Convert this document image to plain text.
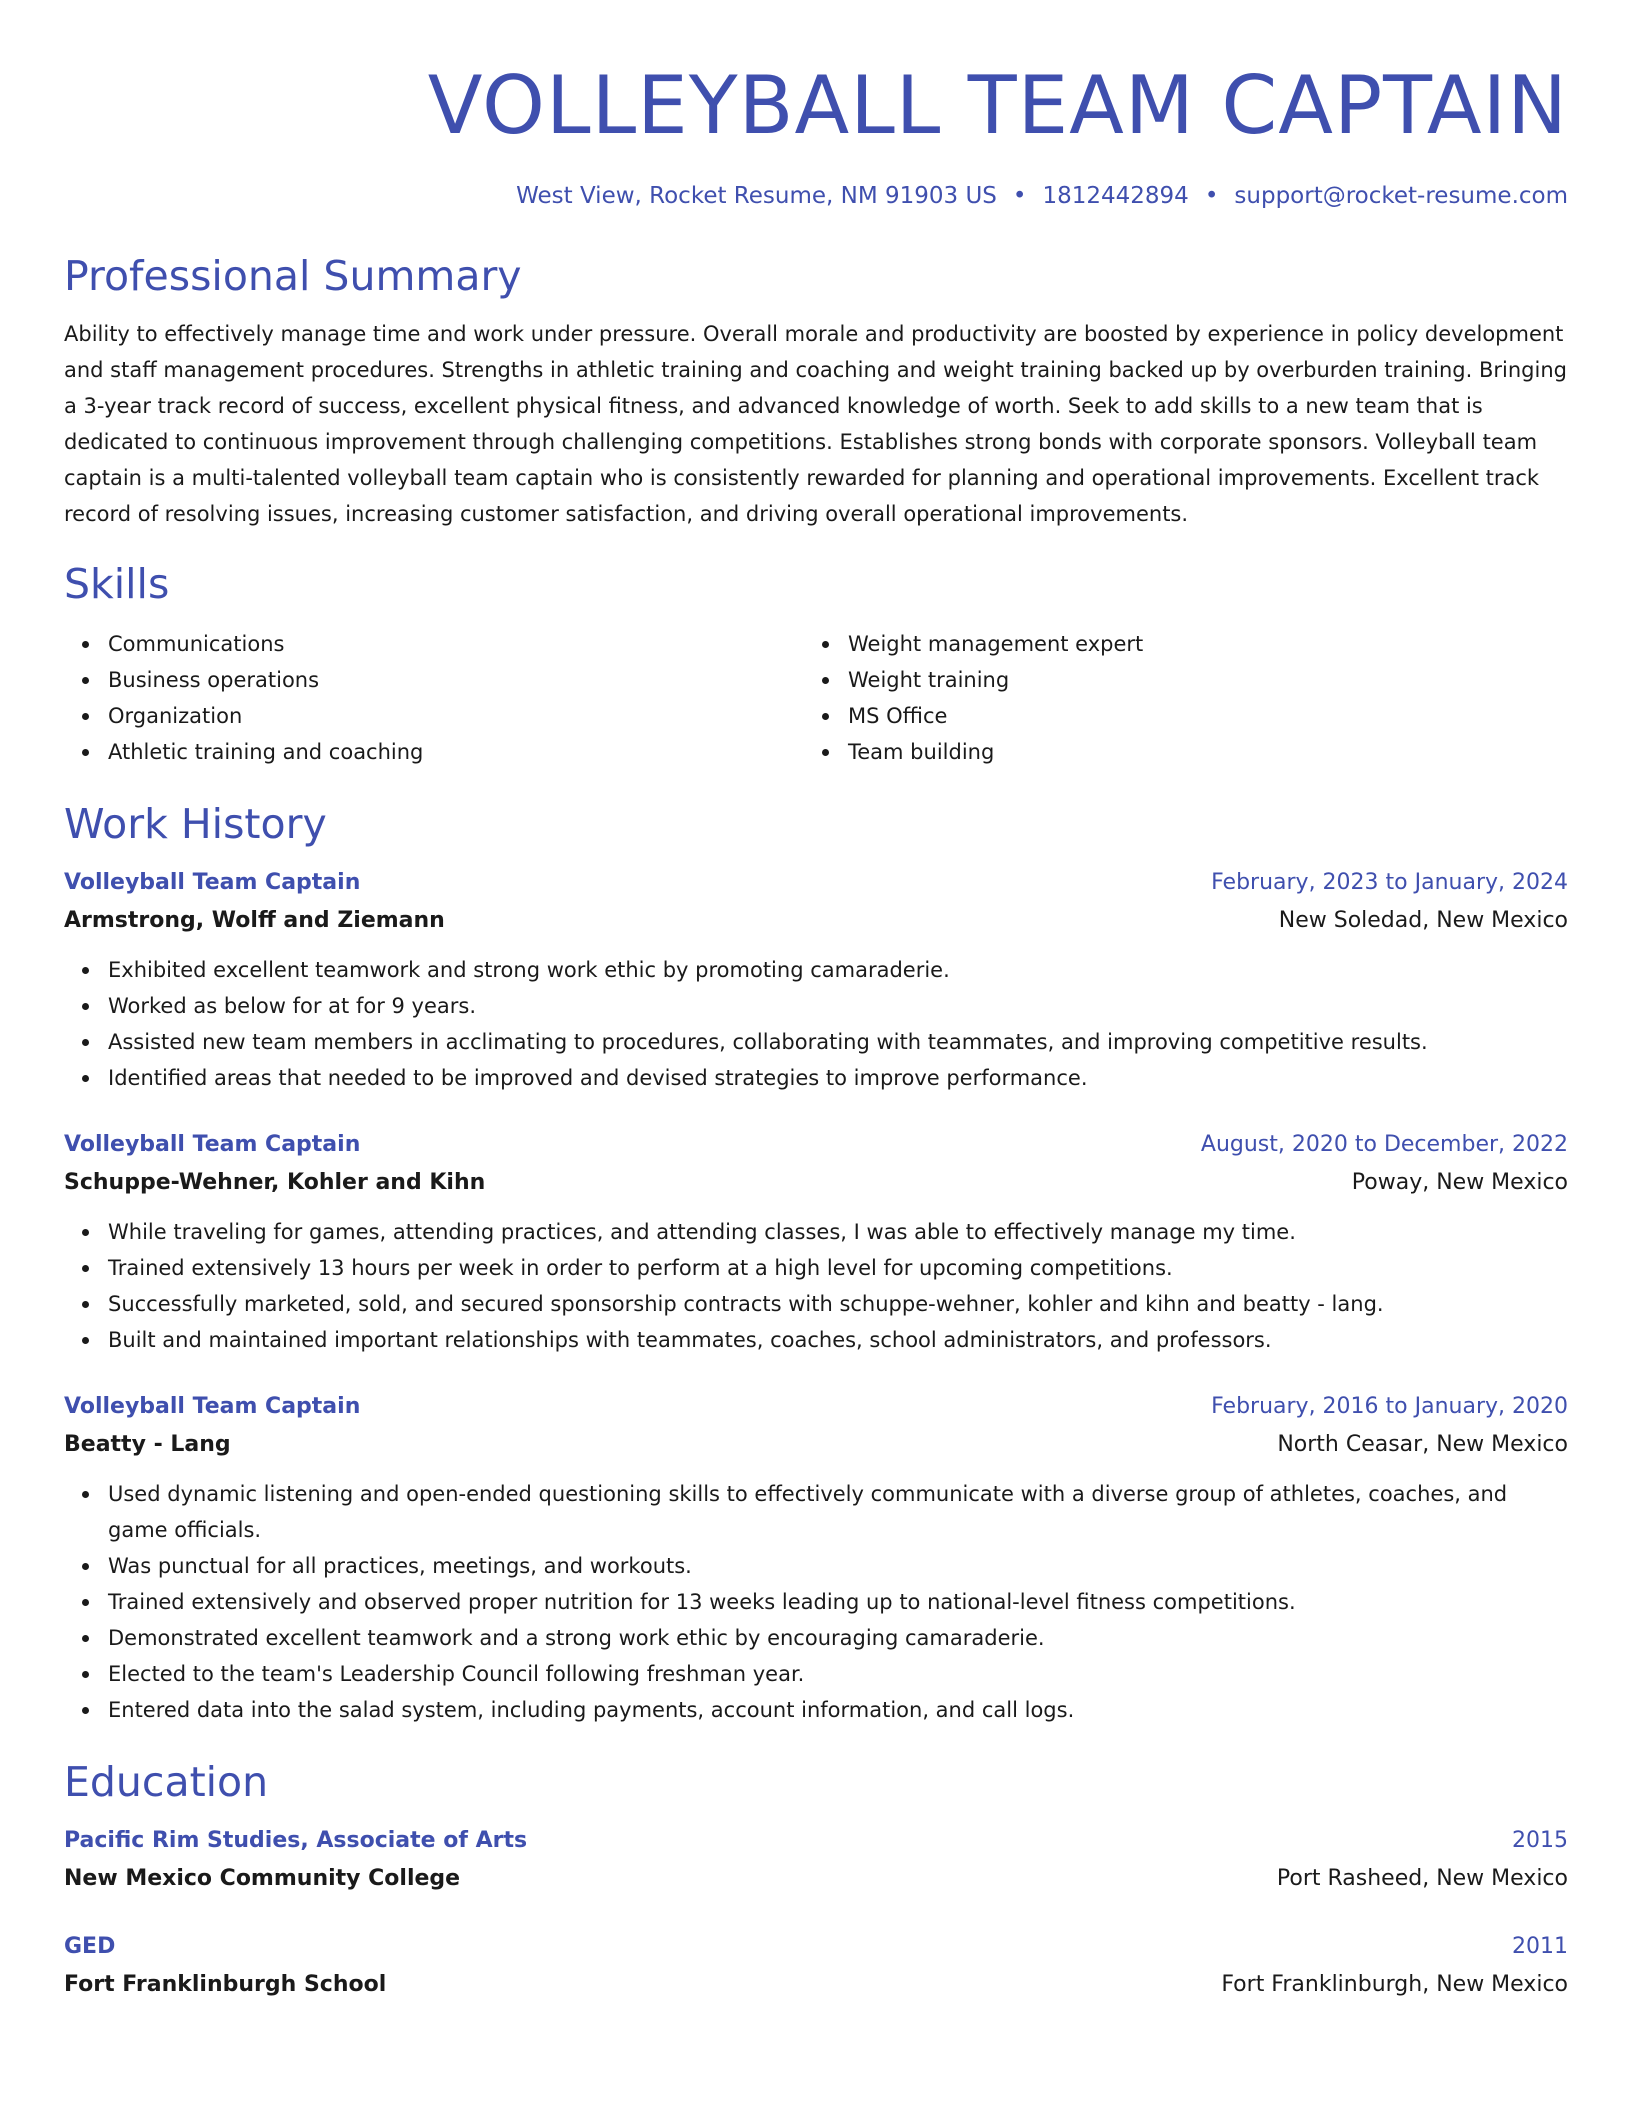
VOLLEYBALL TEAM CAPTAIN
West View, Rocket Resume, NM 91903 US • 1812442894 • support@rocket-resume.com
Professional Summary
Ability to effectively manage time and work under pressure. Overall morale and productivity are boosted by experience in policy development and staff management procedures. Strengths in athletic training and coaching and weight training backed up by overburden training. Bringing a 3-year track record of success, excellent physical fitness, and advanced knowledge of worth. Seek to add skills to a new team that is dedicated to continuous improvement through challenging competitions. Establishes strong bonds with corporate sponsors. Volleyball team captain is a multi-talented volleyball team captain who is consistently rewarded for planning and operational improvements. Excellent track record of resolving issues, increasing customer satisfaction, and driving overall operational improvements.
Skills
Communications
Business operations
Organization
Athletic training and coaching
Weight management expert
Weight training
MS Office
Team building
Work History
Volleyball Team Captain	February, 2023 to January, 2024
Armstrong, Wolff and Ziemann	New Soledad, New Mexico
Exhibited excellent teamwork and strong work ethic by promoting camaraderie.
Worked as below for at for 9 years.
Assisted new team members in acclimating to procedures, collaborating with teammates, and improving competitive results.
Identified areas that needed to be improved and devised strategies to improve performance.
Volleyball Team Captain	August, 2020 to December, 2022
Schuppe-Wehner, Kohler and Kihn	Poway, New Mexico
While traveling for games, attending practices, and attending classes, I was able to effectively manage my time.
Trained extensively 13 hours per week in order to perform at a high level for upcoming competitions.
Successfully marketed, sold, and secured sponsorship contracts with schuppe-wehner, kohler and kihn and beatty - lang.
Built and maintained important relationships with teammates, coaches, school administrators, and professors.
Volleyball Team Captain	February, 2016 to January, 2020
Beatty - Lang	North Ceasar, New Mexico
Used dynamic listening and open-ended questioning skills to effectively communicate with a diverse group of athletes, coaches, and game officials.
Was punctual for all practices, meetings, and workouts.
Trained extensively and observed proper nutrition for 13 weeks leading up to national-level fitness competitions.
Demonstrated excellent teamwork and a strong work ethic by encouraging camaraderie.
Elected to the team's Leadership Council following freshman year.
Entered data into the salad system, including payments, account information, and call logs.
Education
Pacific Rim Studies, Associate of Arts	2015
New Mexico Community College	Port Rasheed, New Mexico
GED	2011
Fort Franklinburgh School	Fort Franklinburgh, New Mexico
